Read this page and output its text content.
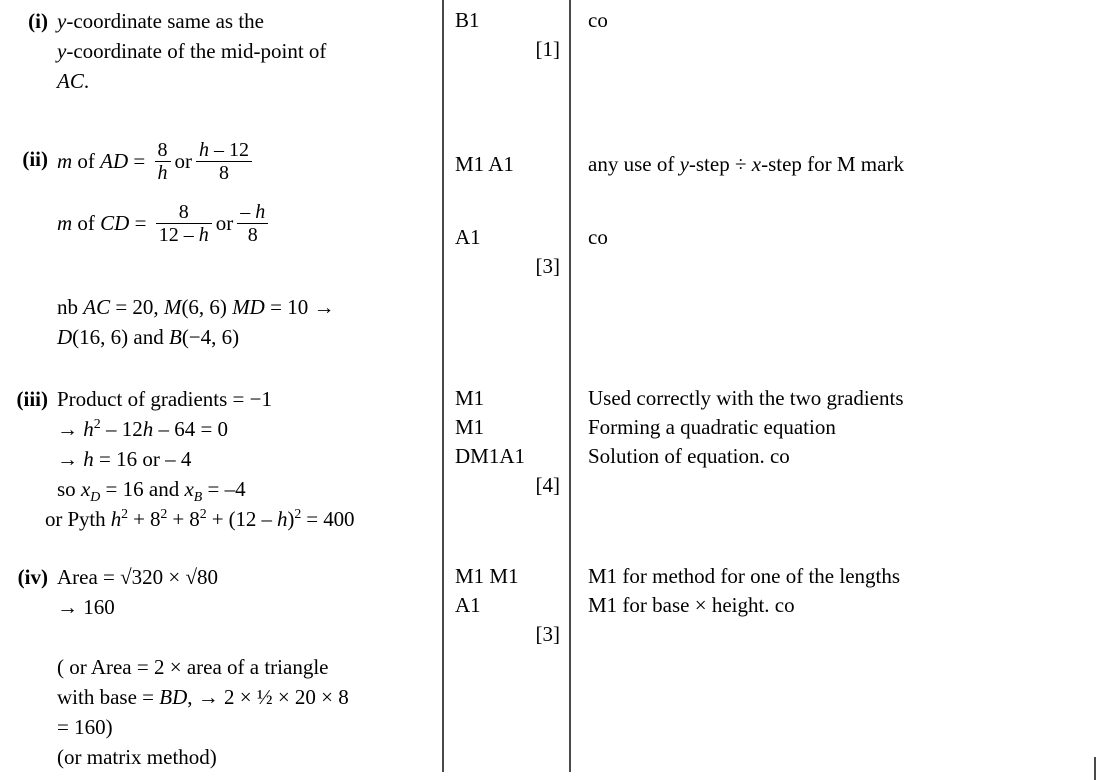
(i) y-coordinate same as the
y-coordinate of the mid-point of
AC.
B1
[1]
co
(ii) m of AD = $\frac{8}{h}$ or $\frac{h - 12}{8}$
m of CD = $\frac{8}{12 - h}$ or $\frac{- h}{8}$
M1 A1
A1
[3]
any use of y-step ÷ x-step for M mark
co
nb AC = 20, M(6, 6) MD = 10 →
D(16, 6) and B(−4, 6)
(iii) Product of gradients = −1
→ $h^2 - 12h - 64 = 0$
→ h = 16 or – 4
so $x_D = 16$ and $x_B = -4$
or Pyth $h^2 + 8^2 + 8^2 + (12 - h)^2 = 400$
M1
M1
DM1A1
[4]
Used correctly with the two gradients
Forming a quadratic equation
Solution of equation. co
(iv) Area = √320 × √80
→ 160
M1 M1
A1
[3]
M1 for method for one of the lengths
M1 for base × height. co
( or Area = 2 × area of a triangle
with base = BD, → 2 × ½ × 20 × 8
= 160)
(or matrix method)
